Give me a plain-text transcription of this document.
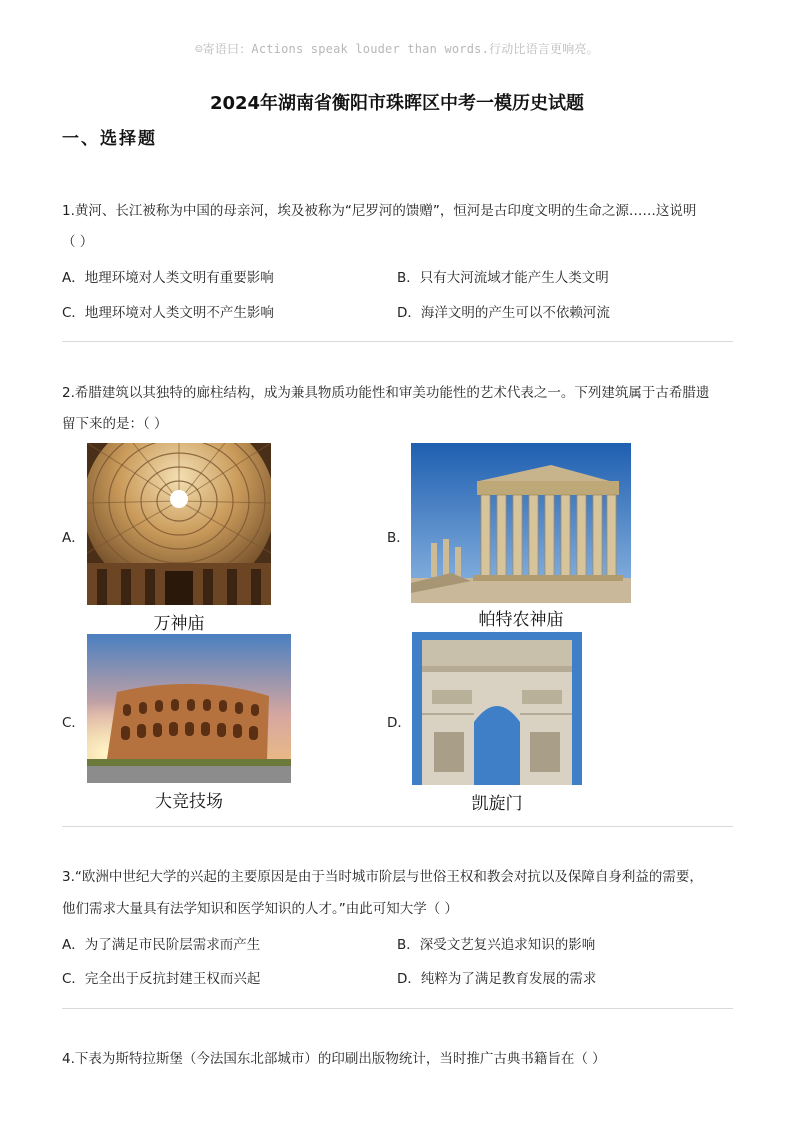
☺寄语曰：Actions speak louder than words.行动比语言更响亮。
2024年湖南省衡阳市珠晖区中考一模历史试题
一、选择题
1.黄河、长江被称为中国的母亲河，埃及被称为“尼罗河的馈赠”，恒河是古印度文明的生命之源……这说明
（ ）
A．地理环境对人类文明有重要影响	B．只有大河流域才能产生人类文明
C．地理环境对人类文明不产生影响	D．海洋文明的产生可以不依赖河流
2.希腊建筑以其独特的廊柱结构，成为兼具物质功能性和审美功能性的艺术代表之一。下列建筑属于古希腊遗
留下来的是：（ ）
A．
万神庙
B．
帕特农神庙
C．
大竞技场
D．
凯旋门
3.“欧洲中世纪大学的兴起的主要原因是由于当时城市阶层与世俗王权和教会对抗以及保障自身利益的需要，
他们需求大量具有法学知识和医学知识的人才。”由此可知大学（ ）
A．为了满足市民阶层需求而产生	B．深受文艺复兴追求知识的影响
C．完全出于反抗封建王权而兴起	D．纯粹为了满足教育发展的需求
4.下表为斯特拉斯堡（今法国东北部城市）的印刷出版物统计，当时推广古典书籍旨在（ ）
